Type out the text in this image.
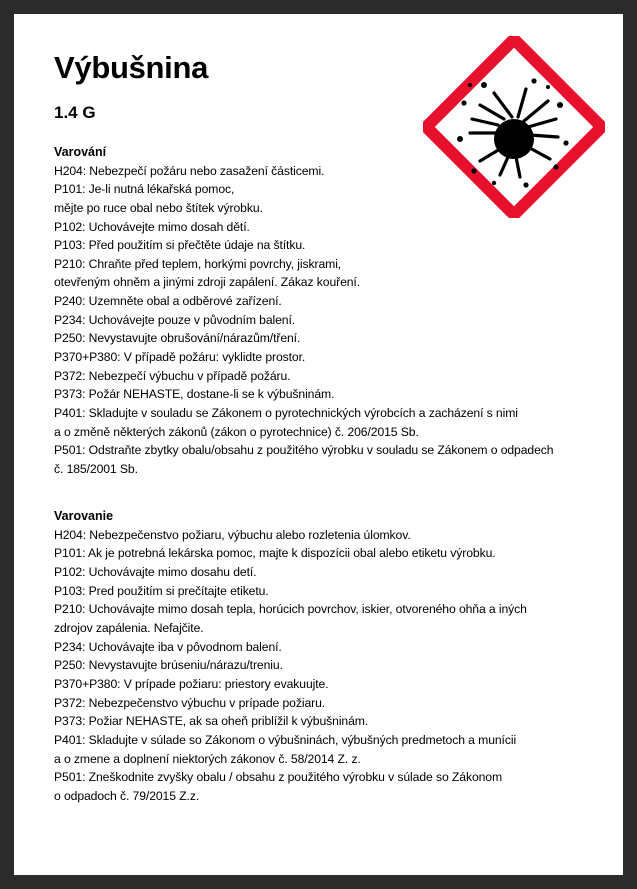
Výbušnina
1.4 G
Varování
H204: Nebezpečí požáru nebo zasažení částicemi.
P101: Je-li nutná lékařská pomoc,
mějte po ruce obal nebo štítek výrobku.
P102: Uchovávejte mimo dosah dětí.
P103: Před použitím si přečtěte údaje na štítku.
P210: Chraňte před teplem, horkými povrchy, jiskrami,
otevřeným ohněm a jinými zdroji zapálení. Zákaz kouření.
P240: Uzemněte obal a odběrové zařízení.
P234: Uchovávejte pouze v původním balení.
P250: Nevystavujte obrušování/nárazům/tření.
P370+P380: V případě požáru: vyklidte prostor.
P372: Nebezpečí výbuchu v případě požáru.
P373: Požár NEHASTE, dostane-li se k výbušninám.
P401: Skladujte v souladu se Zákonem o pyrotechnických výrobcích a zacházení s nimi
a o změně některých zákonů (zákon o pyrotechnice) č. 206/2015 Sb.
P501: Odstraňte zbytky obalu/obsahu z použitého výrobku v souladu se Zákonem o odpadech
č. 185/2001 Sb.
Varovanie
H204: Nebezpečenstvo požiaru, výbuchu alebo rozletenia úlomkov.
P101: Ak je potrebná lekárska pomoc, majte k dispozícii obal alebo etiketu výrobku.
P102: Uchovávajte mimo dosahu detí.
P103: Pred použitím si prečítajte etiketu.
P210: Uchovávajte mimo dosah tepla, horúcich povrchov, iskier, otvoreného ohňa a iných
zdrojov zapálenia. Nefajčite.
P234: Uchovávajte iba v pôvodnom balení.
P250: Nevystavujte brúseniu/nárazu/treniu.
P370+P380: V prípade požiaru: priestory evakuujte.
P372: Nebezpečenstvo výbuchu v prípade požiaru.
P373: Požiar NEHASTE, ak sa oheň priblížil k výbušninám.
P401: Skladujte v súlade so Zákonom o výbušninách, výbušných predmetoch a munícii
a o zmene a doplnení niektorých zákonov č. 58/2014 Z. z.
P501: Zneškodnite zvyšky obalu / obsahu z použitého výrobku v súlade so Zákonom
o odpadoch č. 79/2015 Z.z.
